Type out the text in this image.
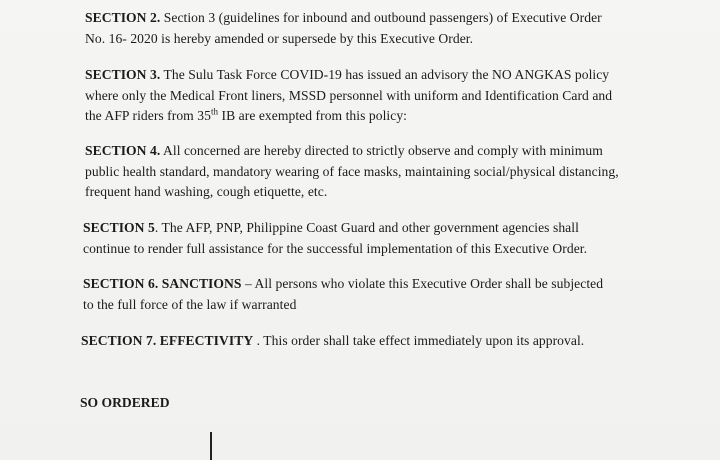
SECTION 2. Section 3 (guidelines for inbound and outbound passengers) of Executive Order
No. 16- 2020 is hereby amended or supersede by this Executive Order.
SECTION 3. The Sulu Task Force COVID-19 has issued an advisory the NO ANGKAS policy
where only the Medical Front liners, MSSD personnel with uniform and Identification Card and
the AFP riders from 35th IB are exempted from this policy:
SECTION 4. All concerned are hereby directed to strictly observe and comply with minimum
public health standard, mandatory wearing of face masks, maintaining social/physical distancing,
frequent hand washing, cough etiquette, etc.
SECTION 5. The AFP, PNP, Philippine Coast Guard and other government agencies shall
continue to render full assistance for the successful implementation of this Executive Order.
SECTION 6. SANCTIONS – All persons who violate this Executive Order shall be subjected
to the full force of the law if warranted
SECTION 7. EFFECTIVITY . This order shall take effect immediately upon its approval.
SO ORDERED
